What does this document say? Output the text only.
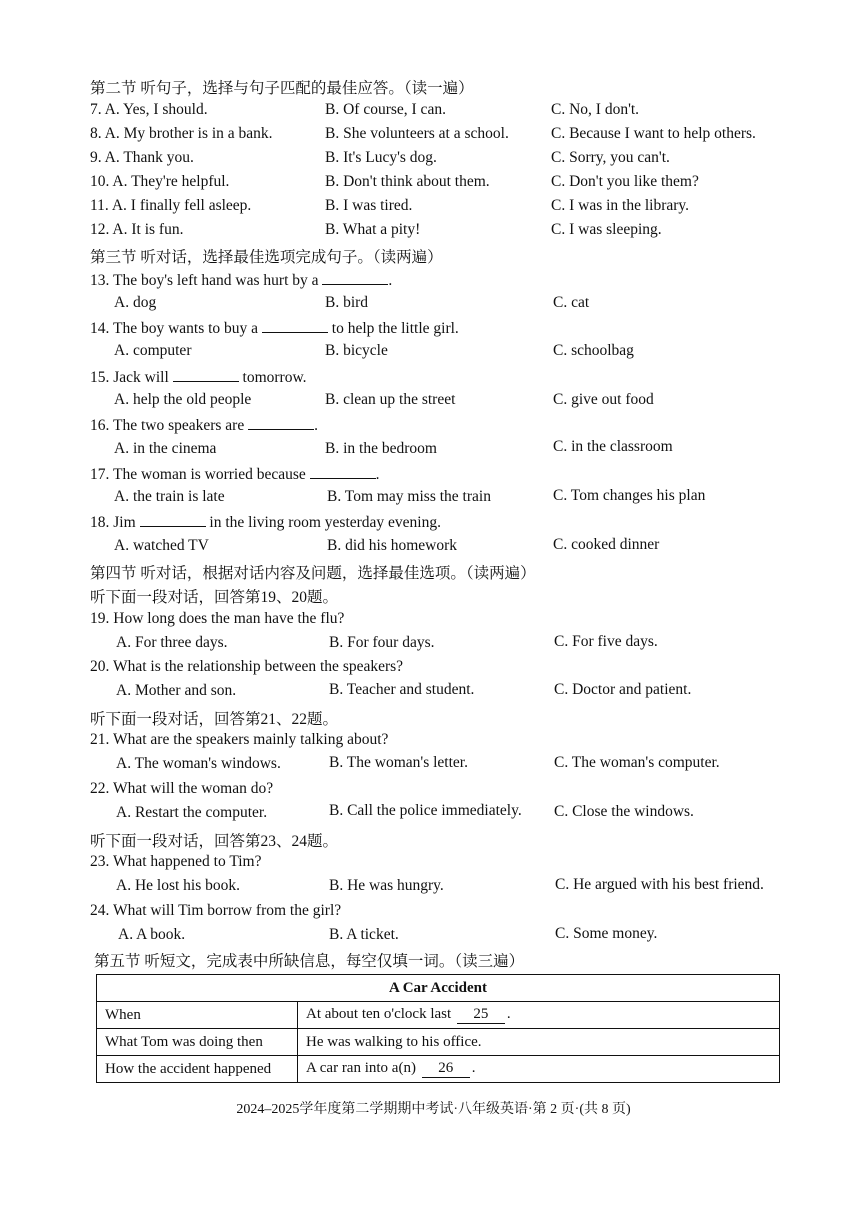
第二节 听句子，选择与句子匹配的最佳应答。（读一遍）
7. A. Yes, I should.	B. Of course, I can.	C. No, I don't.
8. A. My brother is in a bank.	B. She volunteers at a school.	C. Because I want to help others.
9. A. Thank you.	B. It's Lucy's dog.	C. Sorry, you can't.
10. A. They're helpful.	B. Don't think about them.	C. Don't you like them?
11. A. I finally fell asleep.	B. I was tired.	C. I was in the library.
12. A. It is fun.	B. What a pity!	C. I was sleeping.
第三节 听对话，选择最佳选项完成句子。（读两遍）
13. The boy's left hand was hurt by a	.
A. dog	B. bird	C. cat
14. The boy wants to buy a	to help the little girl.
A. computer	B. bicycle	C. schoolbag
15. Jack will	tomorrow.
A. help the old people	B. clean up the street	C. give out food
16. The two speakers are	.
A. in the cinema	B. in the bedroom	C. in the classroom
17. The woman is worried because	.
A. the train is late	B. Tom may miss the train	C. Tom changes his plan
18. Jim	in the living room yesterday evening.
A. watched TV	B. did his homework	C. cooked dinner
第四节 听对话，根据对话内容及问题，选择最佳选项。（读两遍）
听下面一段对话，回答第19、20题。
19. How long does the man have the flu?
A. For three days.	B. For four days.	C. For five days.
20. What is the relationship between the speakers?
A. Mother and son.	B. Teacher and student.	C. Doctor and patient.
听下面一段对话，回答第21、22题。
21. What are the speakers mainly talking about?
A. The woman's windows.	B. The woman's letter.	C. The woman's computer.
22. What will the woman do?
A. Restart the computer.	B. Call the police immediately. C. Close the windows.
听下面一段对话，回答第23、24题。
23. What happened to Tim?
A. He lost his book.	B. He was hungry.	C. He argued with his best friend.
24. What will Tim borrow from the girl?
A. A book.	B. A ticket.	C. Some money.
第五节 听短文，完成表中所缺信息，每空仅填一词。（读三遍）
A Car Accident	
When	At about ten o'clock last 25 .
What Tom was doing then	He was walking to his office.
How the accident happened	A car ran into a(n) 26 .
2024–2025学年度第二学期期中考试·八年级英语·第 2 页·(共 8 页)
